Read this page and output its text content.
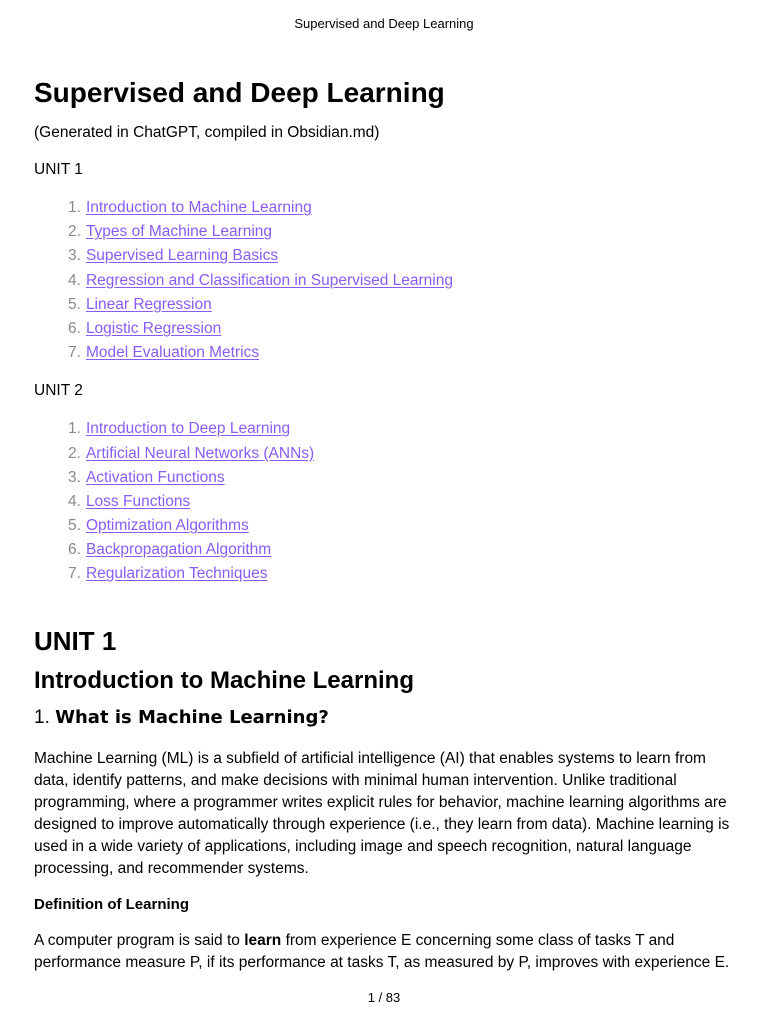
Supervised and Deep Learning
Supervised and Deep Learning

(Generated in ChatGPT, compiled in Obsidian.md)

UNIT 1

1. Introduction to Machine Learning
2. Types of Machine Learning
3. Supervised Learning Basics
4. Regression and Classification in Supervised Learning
5. Linear Regression
6. Logistic Regression
7. Model Evaluation Metrics

UNIT 2

1. Introduction to Deep Learning
2. Artificial Neural Networks (ANNs)
3. Activation Functions
4. Loss Functions
5. Optimization Algorithms
6. Backpropagation Algorithm
7. Regularization Techniques
UNIT 1
Introduction to Machine Learning
1. What is Machine Learning?

Machine Learning (ML) is a subfield of artificial intelligence (AI) that enables systems to learn from data, identify patterns, and make decisions with minimal human intervention. Unlike traditional programming, where a programmer writes explicit rules for behavior, machine learning algorithms are designed to improve automatically through experience (i.e., they learn from data). Machine learning is used in a wide variety of applications, including image and speech recognition, natural language processing, and recommender systems.

Definition of Learning

A computer program is said to learn from experience E concerning some class of tasks T and performance measure P, if its performance at tasks T, as measured by P, improves with experience E.

1 / 83
